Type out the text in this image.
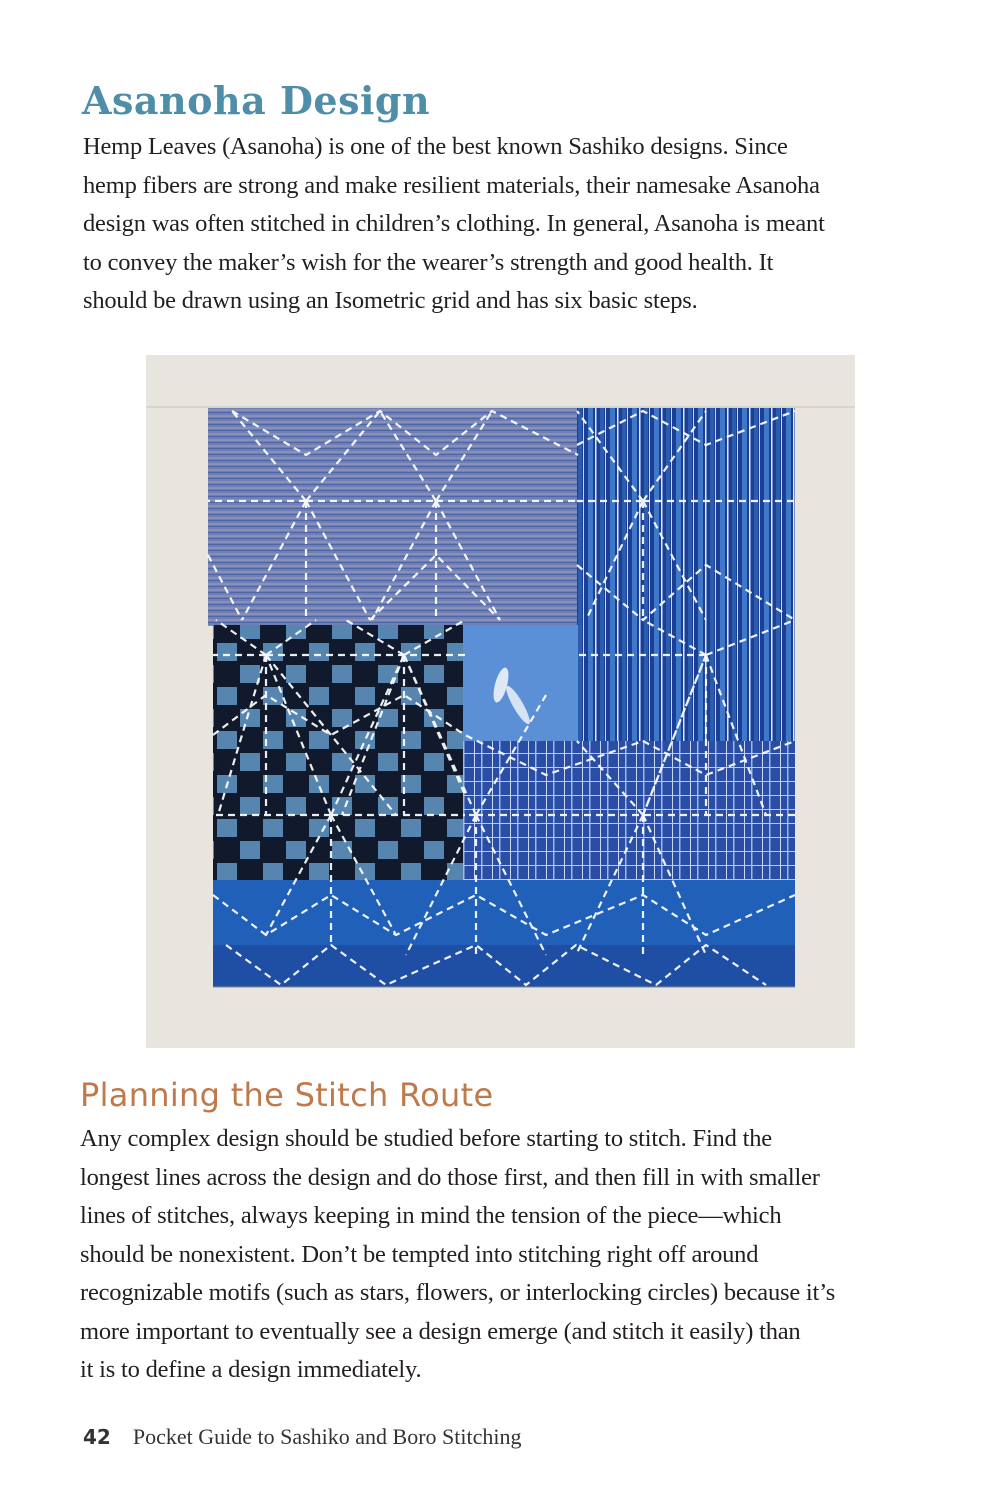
Asanoha Design
Hemp Leaves (Asanoha) is one of the best known Sashiko designs. Since
hemp fibers are strong and make resilient materials, their namesake Asanoha
design was often stitched in children’s clothing. In general, Asanoha is meant
to convey the maker’s wish for the wearer’s strength and good health. It
should be drawn using an Isometric grid and has six basic steps.
Planning the Stitch Route
Any complex design should be studied before starting to stitch. Find the
longest lines across the design and do those first, and then fill in with smaller
lines of stitches, always keeping in mind the tension of the piece—which
should be nonexistent. Don’t be tempted into stitching right off around
recognizable motifs (such as stars, flowers, or interlocking circles) because it’s
more important to eventually see a design emerge (and stitch it easily) than
it is to define a design immediately.
42 Pocket Guide to Sashiko and Boro Stitching
